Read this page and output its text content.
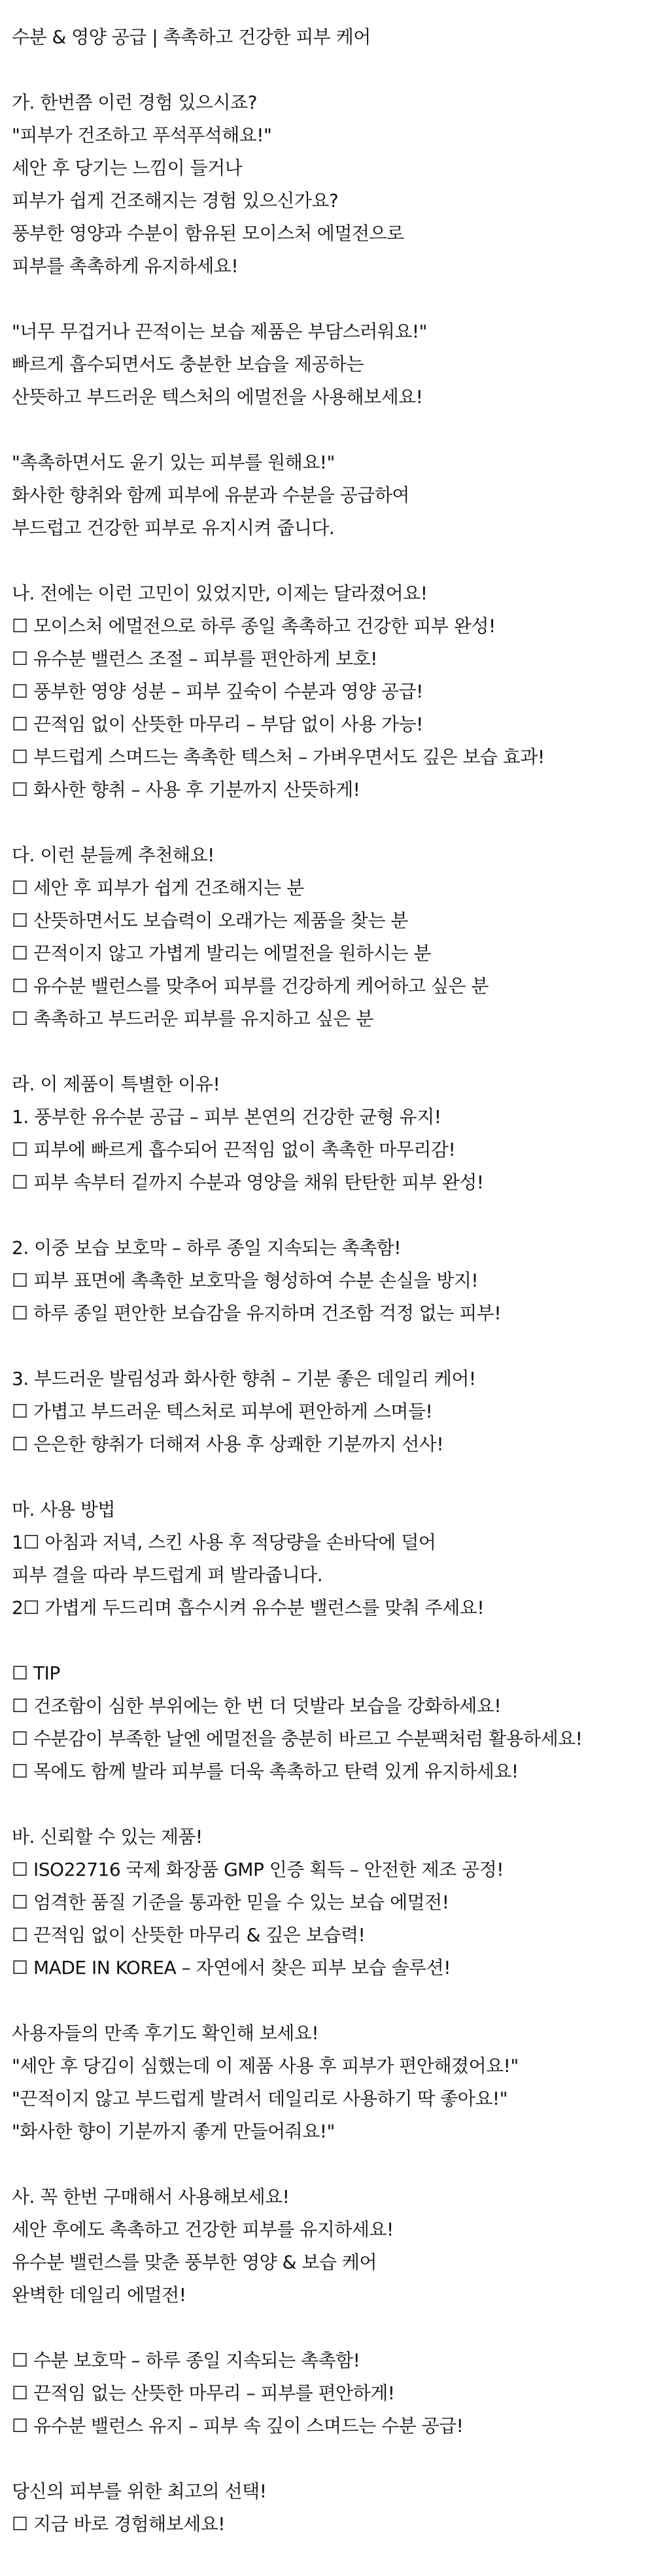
수분 & 영양 공급 | 촉촉하고 건강한 피부 케어
가. 한번쯤 이런 경험 있으시죠?
"피부가 건조하고 푸석푸석해요!"
세안 후 당기는 느낌이 들거나
피부가 쉽게 건조해지는 경험 있으신가요?
풍부한 영양과 수분이 함유된 모이스처 에멀전으로
피부를 촉촉하게 유지하세요!
"너무 무겁거나 끈적이는 보습 제품은 부담스러워요!"
빠르게 흡수되면서도 충분한 보습을 제공하는
산뜻하고 부드러운 텍스처의 에멀전을 사용해보세요!
"촉촉하면서도 윤기 있는 피부를 원해요!"
화사한 향취와 함께 피부에 유분과 수분을 공급하여
부드럽고 건강한 피부로 유지시켜 줍니다.
나. 전에는 이런 고민이 있었지만, 이제는 달라졌어요!
☐ 모이스처 에멀전으로 하루 종일 촉촉하고 건강한 피부 완성!
☐ 유수분 밸런스 조절 – 피부를 편안하게 보호!
☐ 풍부한 영양 성분 – 피부 깊숙이 수분과 영양 공급!
☐ 끈적임 없이 산뜻한 마무리 – 부담 없이 사용 가능!
☐ 부드럽게 스며드는 촉촉한 텍스처 – 가벼우면서도 깊은 보습 효과!
☐ 화사한 향취 – 사용 후 기분까지 산뜻하게!
다. 이런 분들께 추천해요!
☐ 세안 후 피부가 쉽게 건조해지는 분
☐ 산뜻하면서도 보습력이 오래가는 제품을 찾는 분
☐ 끈적이지 않고 가볍게 발리는 에멀전을 원하시는 분
☐ 유수분 밸런스를 맞추어 피부를 건강하게 케어하고 싶은 분
☐ 촉촉하고 부드러운 피부를 유지하고 싶은 분
라. 이 제품이 특별한 이유!
1. 풍부한 유수분 공급 – 피부 본연의 건강한 균형 유지!
☐ 피부에 빠르게 흡수되어 끈적임 없이 촉촉한 마무리감!
☐ 피부 속부터 겉까지 수분과 영양을 채워 탄탄한 피부 완성!
2. 이중 보습 보호막 – 하루 종일 지속되는 촉촉함!
☐ 피부 표면에 촉촉한 보호막을 형성하여 수분 손실을 방지!
☐ 하루 종일 편안한 보습감을 유지하며 건조함 걱정 없는 피부!
3. 부드러운 발림성과 화사한 향취 – 기분 좋은 데일리 케어!
☐ 가볍고 부드러운 텍스처로 피부에 편안하게 스며들!
☐ 은은한 향취가 더해져 사용 후 상쾌한 기분까지 선사!
마. 사용 방법
1☐ 아침과 저녁, 스킨 사용 후 적당량을 손바닥에 덜어
피부 결을 따라 부드럽게 펴 발라줍니다.
2☐ 가볍게 두드리며 흡수시켜 유수분 밸런스를 맞춰 주세요!
☐ TIP
☐ 건조함이 심한 부위에는 한 번 더 덧발라 보습을 강화하세요!
☐ 수분감이 부족한 날엔 에멀전을 충분히 바르고 수분팩처럼 활용하세요!
☐ 목에도 함께 발라 피부를 더욱 촉촉하고 탄력 있게 유지하세요!
바. 신뢰할 수 있는 제품!
☐ ISO22716 국제 화장품 GMP 인증 획득 – 안전한 제조 공정!
☐ 엄격한 품질 기준을 통과한 믿을 수 있는 보습 에멀전!
☐ 끈적임 없이 산뜻한 마무리 & 깊은 보습력!
☐ MADE IN KOREA – 자연에서 찾은 피부 보습 솔루션!
사용자들의 만족 후기도 확인해 보세요!
"세안 후 당김이 심했는데 이 제품 사용 후 피부가 편안해졌어요!"
"끈적이지 않고 부드럽게 발려서 데일리로 사용하기 딱 좋아요!"
"화사한 향이 기분까지 좋게 만들어줘요!"
사. 꼭 한번 구매해서 사용해보세요!
세안 후에도 촉촉하고 건강한 피부를 유지하세요!
유수분 밸런스를 맞춘 풍부한 영양 & 보습 케어
완벽한 데일리 에멀전!
☐ 수분 보호막 – 하루 종일 지속되는 촉촉함!
☐ 끈적임 없는 산뜻한 마무리 – 피부를 편안하게!
☐ 유수분 밸런스 유지 – 피부 속 깊이 스며드는 수분 공급!
당신의 피부를 위한 최고의 선택!
☐ 지금 바로 경험해보세요!
